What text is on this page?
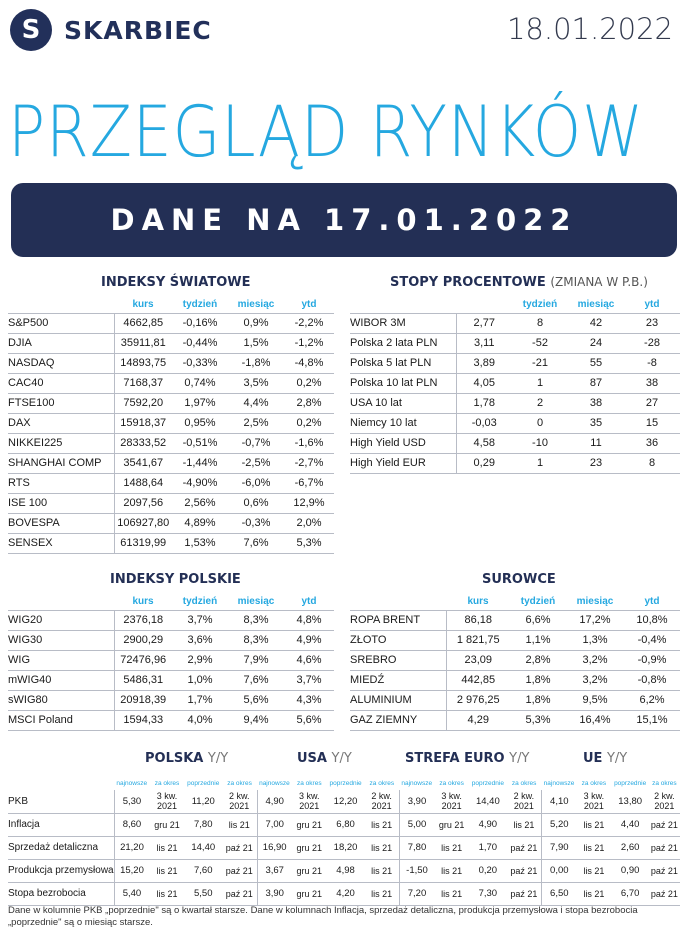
S SKARBIEC	18.01.2022
PRZEGLĄD RYNKÓW
DANE NA 17.01.2022
INDEKSY ŚWIATOWE
	kurs	tydzień	miesiąc	ytd
S&P500	4662,85	-0,16%	0,9%	-2,2%
DJIA	35911,81	-0,44%	1,5%	-1,2%
NASDAQ	14893,75	-0,33%	-1,8%	-4,8%
CAC40	7168,37	0,74%	3,5%	0,2%
FTSE100	7592,20	1,97%	4,4%	2,8%
DAX	15918,37	0,95%	2,5%	0,2%
NIKKEI225	28333,52	-0,51%	-0,7%	-1,6%
SHANGHAI COMP	3541,67	-1,44%	-2,5%	-2,7%
RTS	1488,64	-4,90%	-6,0%	-6,7%
ISE 100	2097,56	2,56%	0,6%	12,9%
BOVESPA	106927,80	4,89%	-0,3%	2,0%
SENSEX	61319,99	1,53%	7,6%	5,3%
STOPY PROCENTOWE (ZMIANA W P.B.)
		tydzień	miesiąc	ytd
WIBOR 3M	2,77	8	42	23
Polska 2 lata PLN	3,11	-52	24	-28
Polska 5 lat PLN	3,89	-21	55	-8
Polska 10 lat PLN	4,05	1	87	38
USA 10 lat	1,78	2	38	27
Niemcy 10 lat	-0,03	0	35	15
High Yield USD	4,58	-10	11	36
High Yield EUR	0,29	1	23	8
INDEKSY POLSKIE
	kurs	tydzień	miesiąc	ytd
WIG20	2376,18	3,7%	8,3%	4,8%
WIG30	2900,29	3,6%	8,3%	4,9%
WIG	72476,96	2,9%	7,9%	4,6%
mWIG40	5486,31	1,0%	7,6%	3,7%
sWIG80	20918,39	1,7%	5,6%	4,3%
MSCI Poland	1594,33	4,0%	9,4%	5,6%
SUROWCE
	kurs	tydzień	miesiąc	ytd
ROPA BRENT	86,18	6,6%	17,2%	10,8%
ZŁOTO	1 821,75	1,1%	1,3%	-0,4%
SREBRO	23,09	2,8%	3,2%	-0,9%
MIEDŹ	442,85	1,8%	3,2%	-0,8%
ALUMINIUM	2 976,25	1,8%	9,5%	6,2%
GAZ ZIEMNY	4,29	5,3%	16,4%	15,1%
POLSKA Y/Y	USA Y/Y	STREFA EURO Y/Y	UE Y/Y
	najnowsze	za okres	poprzednie	za okres	najnowsze	za okres	poprzednie	za okres	najnowsze	za okres	poprzednie	za okres	najnowsze	za okres	poprzednie	za okres
PKB	5,30	3 kw. 2021	11,20	2 kw. 2021	4,90	3 kw. 2021	12,20	2 kw. 2021	3,90	3 kw. 2021	14,40	2 kw. 2021	4,10	3 kw. 2021	13,80	2 kw. 2021
Inflacja	8,60	gru 21	7,80	lis 21	7,00	gru 21	6,80	lis 21	5,00	gru 21	4,90	lis 21	5,20	lis 21	4,40	paź 21
Sprzedaż detaliczna	21,20	lis 21	14,40	paź 21	16,90	gru 21	18,20	lis 21	7,80	lis 21	1,70	paź 21	7,90	lis 21	2,60	paź 21
Produkcja przemysłowa	15,20	lis 21	7,60	paź 21	3,67	gru 21	4,98	lis 21	-1,50	lis 21	0,20	paź 21	0,00	lis 21	0,90	paź 21
Stopa bezrobocia	5,40	lis 21	5,50	paź 21	3,90	gru 21	4,20	lis 21	7,20	lis 21	7,30	paź 21	6,50	lis 21	6,70	paź 21
Dane w kolumnie PKB „poprzednie" są o kwartał starsze. Dane w kolumnach Inflacja, sprzedaż detaliczna, produkcja przemysłowa i stopa bezrobocia „poprzednie" są o miesiąc starsze.
